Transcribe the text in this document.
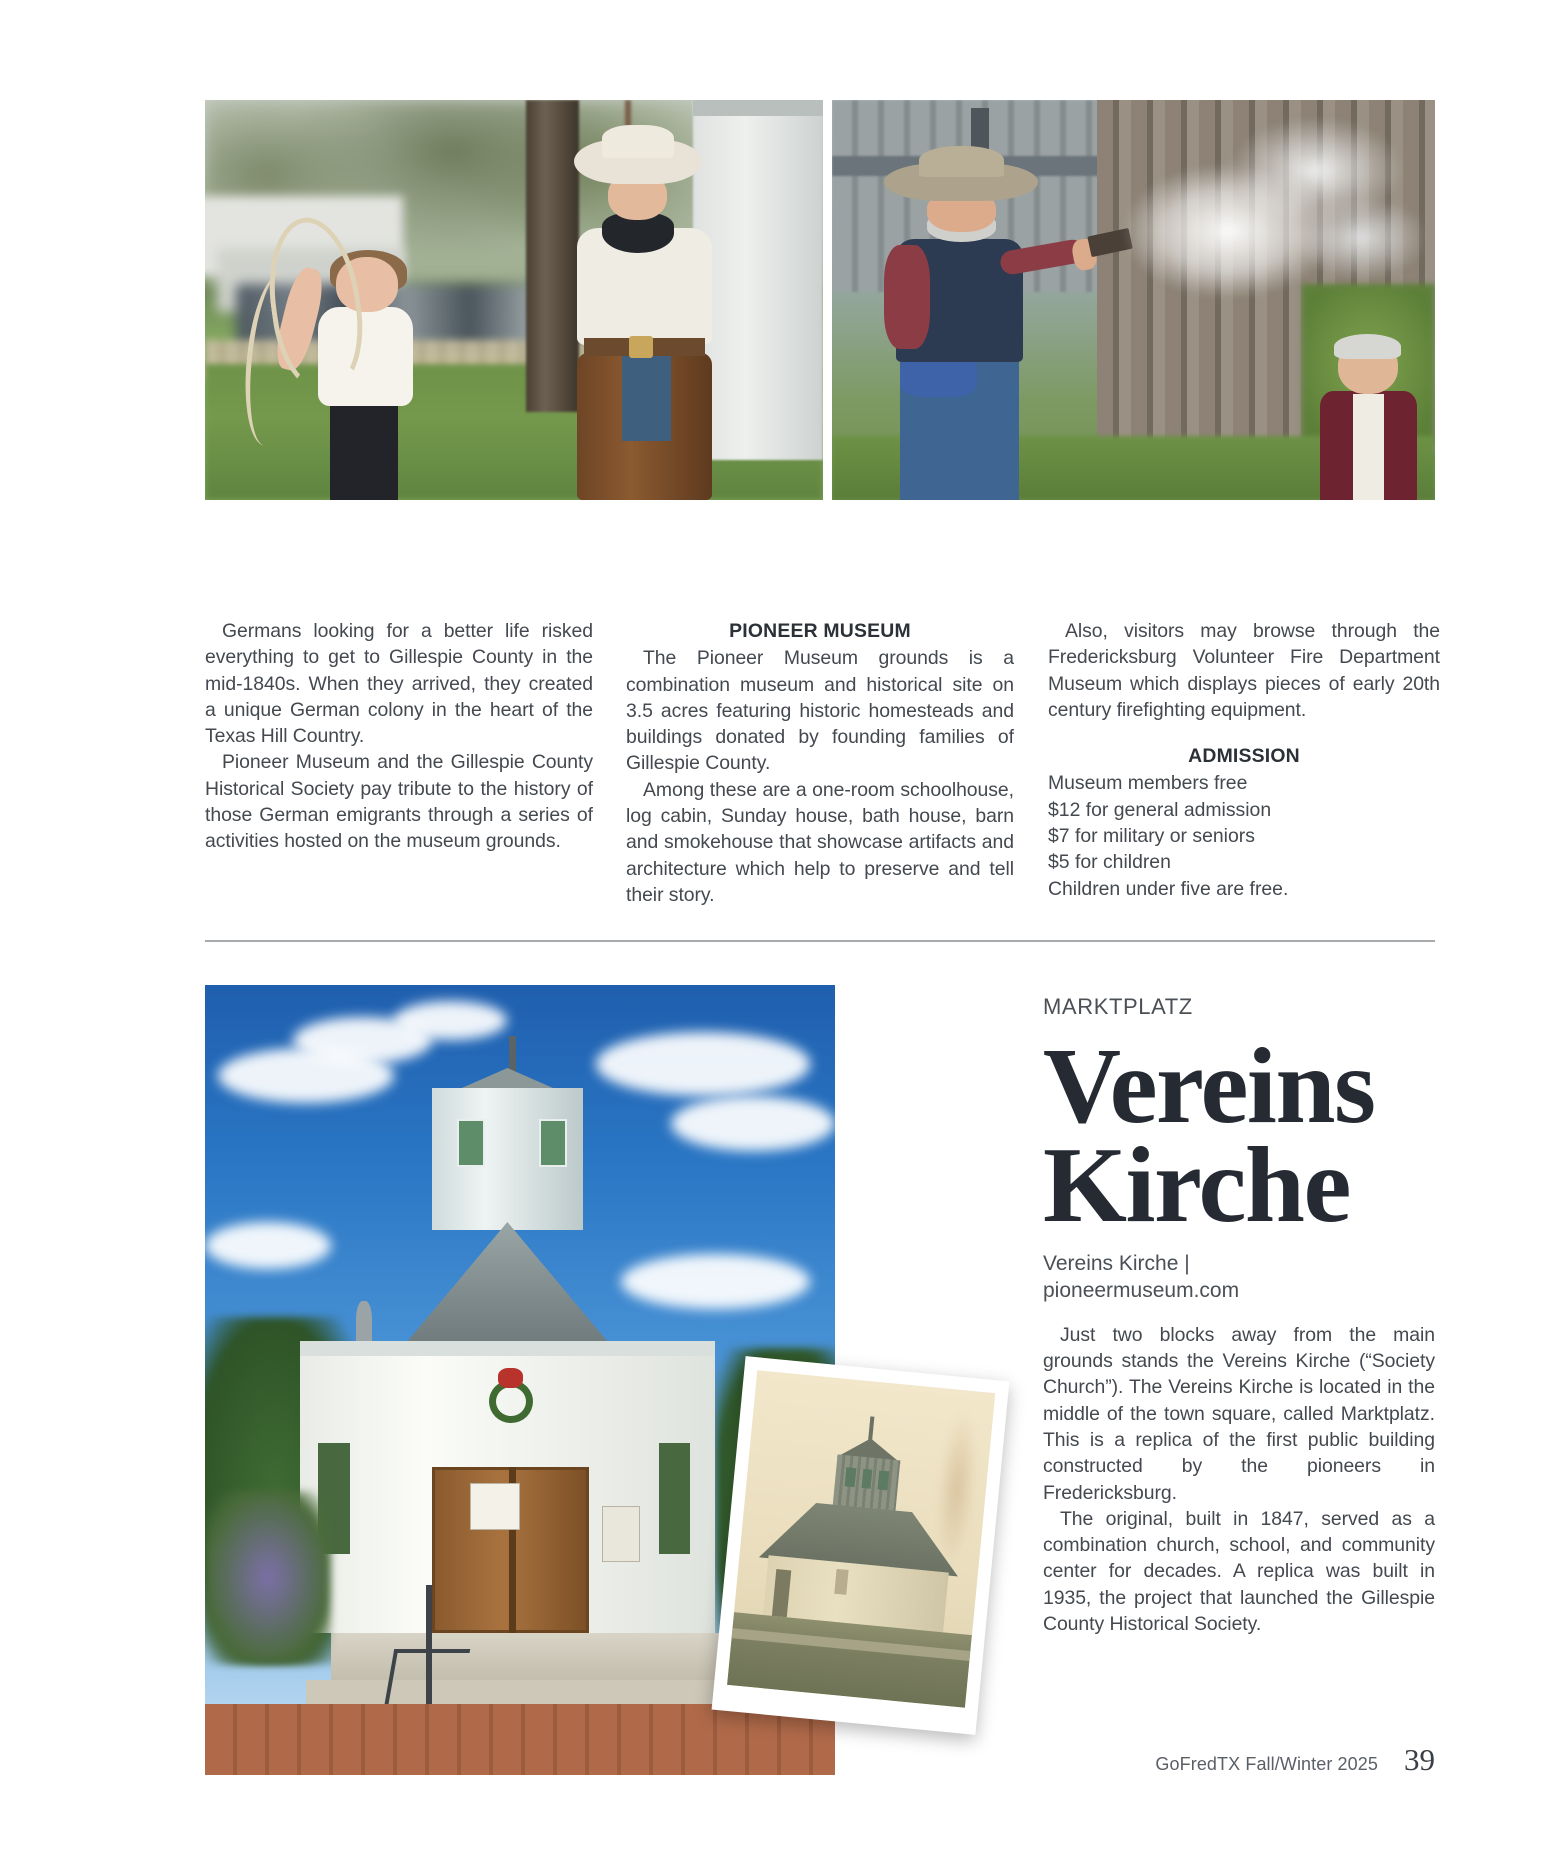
Germans looking for a better life risked everything to get to Gillespie County in the mid-1840s. When they arrived, they created a unique German colony in the heart of the Texas Hill Country.

Pioneer Museum and the Gillespie County Historical Society pay tribute to the history of those German emigrants through a series of activities hosted on the museum grounds.

PIONEER MUSEUM

The Pioneer Museum grounds is a combination museum and historical site on 3.5 acres featuring historic homesteads and buildings donated by founding families of Gillespie County.

Among these are a one-room schoolhouse, log cabin, Sunday house, bath house, barn and smokehouse that showcase artifacts and architecture which help to preserve and tell their story.

Also, visitors may browse through the Fredericksburg Volunteer Fire Department Museum which displays pieces of early 20th century firefighting equipment.

ADMISSION
Museum members free
$12 for general admission
$7 for military or seniors
$5 for children
Children under five are free.
MARKTPLATZ
Vereins
Kirche
Vereins Kirche |
pioneermuseum.com

Just two blocks away from the main grounds stands the Vereins Kirche (“Society Church”). The Vereins Kirche is located in the middle of the town square, called Marktplatz. This is a replica of the first public building constructed by the pioneers in Fredericksburg.

The original, built in 1847, served as a combination church, school, and community center for decades. A replica was built in 1935, the project that launched the Gillespie County Historical Society.

GoFredTX Fall/Winter 2025 39
